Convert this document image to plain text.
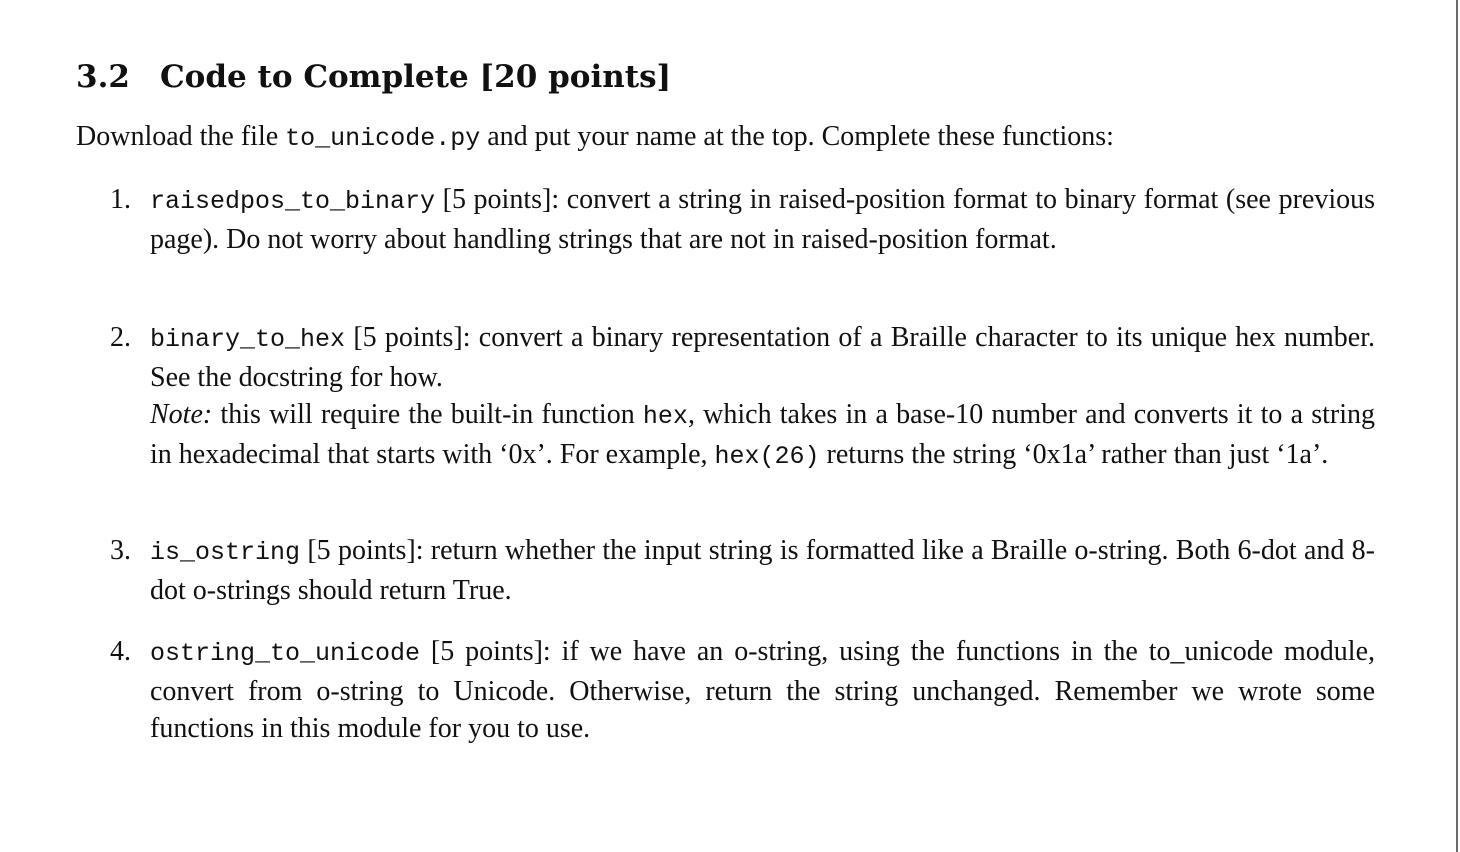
3.2 Code to Complete [20 points]
Download the file to_unicode.py and put your name at the top. Complete these functions:
1. raisedpos_to_binary [5 points]: convert a string in raised-position format to binary format (see previous page). Do not worry about handling strings that are not in raised-position format.

2. binary_to_hex [5 points]: convert a binary representation of a Braille character to its unique hex number. See the docstring for how.

Note: this will require the built-in function hex, which takes in a base-10 number and converts it to a string in hexadecimal that starts with ‘0x’. For example, hex(26) returns the string ‘0x1a’ rather than just ‘1a’.

3. is_ostring [5 points]: return whether the input string is formatted like a Braille o-string. Both 6-dot and 8-dot o-strings should return True.

4. ostring_to_unicode [5 points]: if we have an o-string, using the functions in the to_unicode module, convert from o-string to Unicode. Otherwise, return the string unchanged. Remember we wrote some functions in this module for you to use.
